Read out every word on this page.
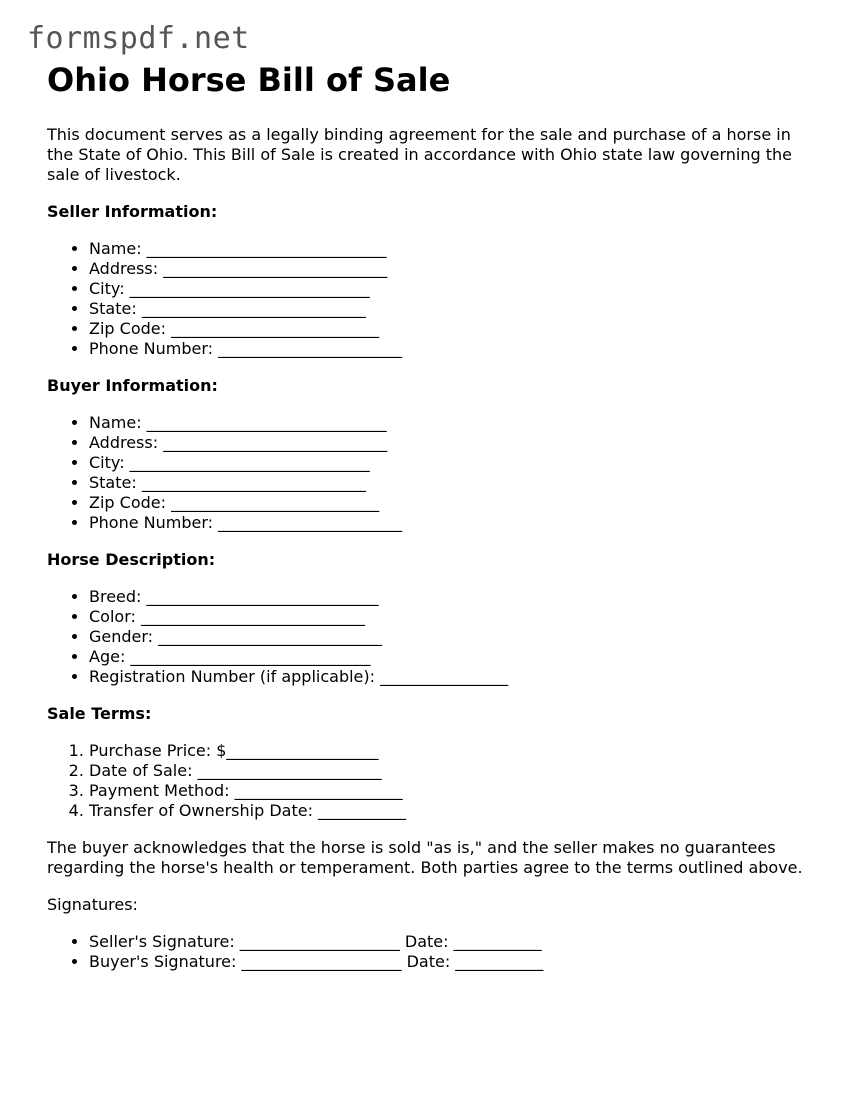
formspdf.net
Ohio Horse Bill of Sale

This document serves as a legally binding agreement for the sale and purchase of a horse in the State of Ohio. This Bill of Sale is created in accordance with Ohio state law governing the sale of livestock.

Seller Information:

• Name: ______________________________
• Address: ____________________________
• City: ______________________________
• State: ____________________________
• Zip Code: __________________________
• Phone Number: _______________________

Buyer Information:

• Name: ______________________________
• Address: ____________________________
• City: ______________________________
• State: ____________________________
• Zip Code: __________________________
• Phone Number: _______________________

Horse Description:

• Breed: _____________________________
• Color: ____________________________
• Gender: ____________________________
• Age: ______________________________
• Registration Number (if applicable): ________________

Sale Terms:

1. Purchase Price: $___________________
2. Date of Sale: _______________________
3. Payment Method: _____________________
4. Transfer of Ownership Date: ___________

The buyer acknowledges that the horse is sold "as is," and the seller makes no guarantees regarding the horse's health or temperament. Both parties agree to the terms outlined above.

Signatures:

• Seller's Signature: ____________________ Date: ___________
• Buyer's Signature: ____________________ Date: ___________
